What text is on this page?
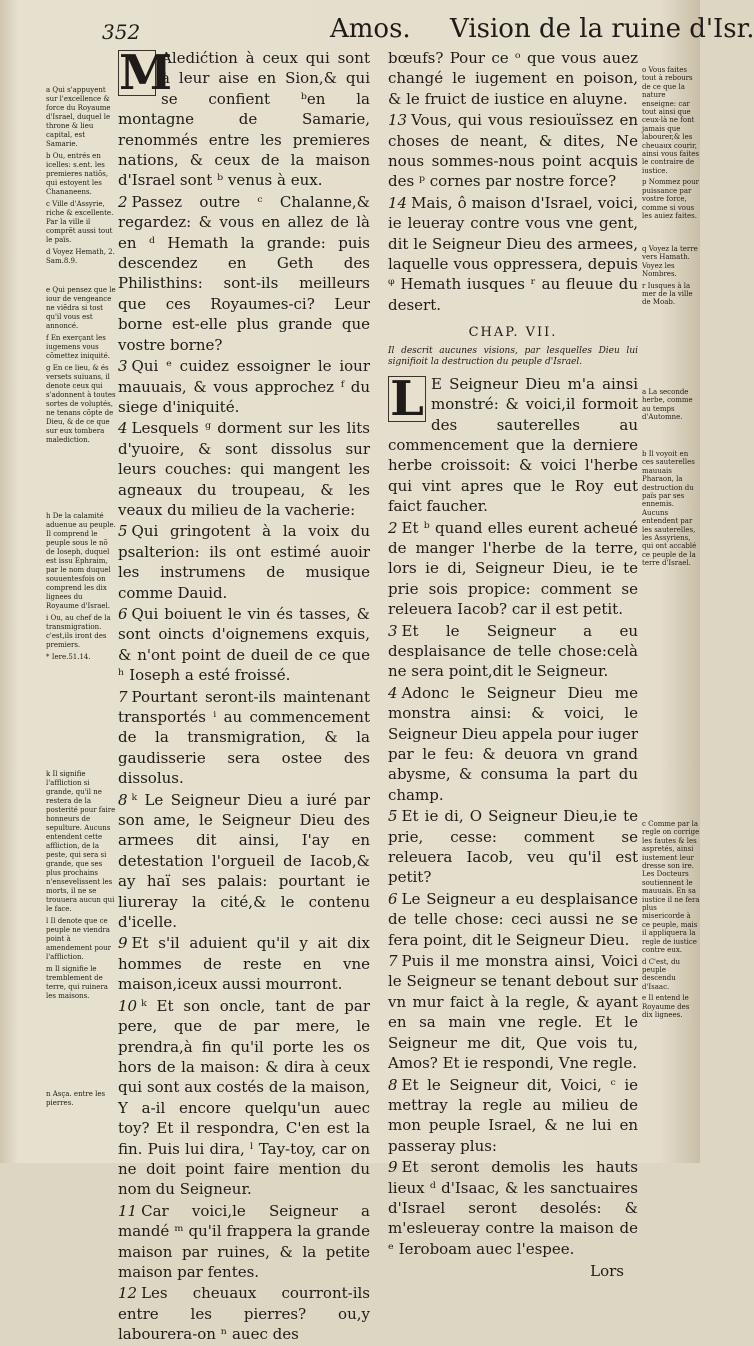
352	Amos. Vision de la ruine d'Isr.
a Qui s'appuyent sur l'excellence & force du Royaume d'Israel, duquel le throne & lieu capital, est Samarie.
b Ou, entrés en icelles: s.ent. les premieres natiõs, qui estoyent les Chananeens.
c Ville d'Assyrie, riche & excellente. Par la ville il comprẽt aussi tout le païs.
d Voyez Hemath, 2. Sam.8.9.
e Qui pensez que le iour de vengeance ne viẽdra si tost qu'il vous est annoncé.
f En exerçant les iugemens vous cõmettez iniquité.
g En ce lieu, & és versets suiuans, il denote ceux qui s'adonnent à toutes sortes de voluptés, ne tenans cõpte de Dieu, & de ce que sur eux tombera malediction.
h De la calamité aduenue au peuple. Il comprend le peuple sous le nõ de Ioseph, duquel est issu Ephraim, par le nom duquel souuentesfois on comprend les dix lignees du Royaume d'Israel.
i Ou, au chef de la transmigration. c'est,ils iront des premiers.
* Iere.51.14.
k Il signifie l'affliction si grande, qu'il ne restera de la posterité pour faire honneurs de sepulture. Aucuns entendent cette affliction, de la peste, qui sera si grande, que ses plus prochains n'ensevelissent les morts, il ne se trouuera aucun qui le face.
l Il denote que ce peuple ne viendra point à amendement pour l'affliction.
m Il signifie le tremblement de terre, qui ruinera les maisons.
n Asça. entre les pierres.

M
Aledićtion à ceux qui sont à leur aise en Sion,& qui se confient ᵇen la montagne de Samarie, renommés entre les premieres nations, & ceux de la maison d'Israel sont ᵇ venus à eux.

2 Passez outre ᶜ Chalanne,& regardez: & vous en allez de là en ᵈ Hemath la grande: puis descendez en Geth des Philisthins: sont-ils meilleurs que ces Royaumes-ci? Leur borne est-elle plus grande que vostre borne?

3 Qui ᵉ cuidez essoigner le iour mauuais, & vous approchez ᶠ du siege d'iniquité.

4 Lesquels ᵍ dorment sur les lits d'yuoire, & sont dissolus sur leurs couches: qui mangent les agneaux du troupeau, & les veaux du milieu de la vacherie:

5 Qui gringotent à la voix du psalterion: ils ont estimé auoir les instrumens de musique comme Dauid.

6 Qui boiuent le vin és tasses, & sont oincts d'oignemens exquis, & n'ont point de dueil de ce que ʰ Ioseph a esté froissé.

7 Pourtant seront-ils maintenant transportés ⁱ au commencement de la transmigration, & la gaudisserie sera ostee des dissolus.

8 ᵏ Le Seigneur Dieu a iuré par son ame, le Seigneur Dieu des armees dit ainsi, I'ay en detestation l'orgueil de Iacob,& ay haï ses palais: pourtant ie liureray la cité,& le contenu d'icelle.

9 Et s'il aduient qu'il y ait dix hommes de reste en vne maison,iceux aussi mourront.

10 ᵏ Et son oncle, tant de par pere, que de par mere, le prendra,à fin qu'il porte les os hors de la maison: & dira à ceux qui sont aux costés de la maison, Y a-il encore quelqu'un auec toy? Et il respondra, C'en est la fin. Puis lui dira, ˡ Tay-toy, car on ne doit point faire mention du nom du Seigneur.

11 Car voici,le Seigneur a mandé ᵐ qu'il frappera la grande maison par ruines, & la petite maison par fentes.

12 Les cheuaux courront-ils entre les pierres? ou,y labourera-on ⁿ auec des

bœufs? Pour ce ᵒ que vous auez changé le iugement en poison, & le fruict de iustice en aluyne.

13 Vous, qui vous resiouïssez en choses de neant, & dites, Ne nous sommes-nous point acquis des ᵖ cornes par nostre force?

14 Mais, ô maison d'Israel, voici, ie leueray contre vous vne gent, dit le Seigneur Dieu des armees, laquelle vous oppressera, depuis ᵠ Hemath iusques ʳ au fleuue du desert.

CHAP. VII.
Il descrit aucunes visions, par lesquelles Dieu lui signifioit la destruction du peuple d'Israel.

L E Seigneur Dieu m'a ainsi monstré: & voici,il formoit des sauterelles au commencement que la derniere herbe croissoit: & voici l'herbe qui vint apres que le Roy eut faict faucher.

2 Et ᵇ quand elles eurent acheué de manger l'herbe de la terre, lors ie di, Seigneur Dieu, ie te prie sois propice: comment se releuera Iacob? car il est petit.

3 Et le Seigneur a eu desplaisance de telle chose:celà ne sera point,dit le Seigneur.

4 Adonc le Seigneur Dieu me monstra ainsi: & voici, le Seigneur Dieu appela pour iuger par le feu: & deuora vn grand abysme, & consuma la part du champ.

5 Et ie di, O Seigneur Dieu,ie te prie, cesse: comment se releuera Iacob, veu qu'il est petit?

6 Le Seigneur a eu desplaisance de telle chose: ceci aussi ne se fera point, dit le Seigneur Dieu.

7 Puis il me monstra ainsi, Voici le Seigneur se tenant debout sur vn mur faict à la regle, & ayant en sa main vne regle. Et le Seigneur me dit, Que vois tu, Amos? Et ie respondi, Vne regle.

8 Et le Seigneur dit, Voici, ᶜ ie mettray la regle au milieu de mon peuple Israel, & ne lui en passeray plus:

9 Et seront demolis les hauts lieux ᵈ d'Isaac, & les sanctuaires d'Israel seront desolés: & m'esleueray contre la maison de ᵉ Ieroboam auec l'espee.

Lors
o Vous faites tout à rebours de ce que la nature enseigne: car tout ainsi que ceux-là ne font jamais que labourer,& les cheuaux courir, ainsi vous faites le contraire de iustice.
p Nommez pour puissance par vostre force, comme si vous les auiez faites.
q Voyez la terre vers Hamath. Voyez les Nombres.
r Iusques à la mer de la ville de Moab.
a La seconde herbe, comme au temps d'Automne.
b Il voyoit en ces sauterelles mauuais Pharaon, la destruction du païs par ses ennemis. Aucuns entendent par les sauterelles, les Assyriens, qui ont accablé ce peuple de la terre d'Israel.
c Comme par la regle on corrige les fautes & les aspretés, ainsi iustement leur dresse son ire. Les Docteurs soutiennent le mauuais. En sa iustice il ne fera plus misericorde à ce peuple, mais il appliquera la regle de iustice contre eux.
d C'est, du peuple descendu d'Isaac.
e Il entend le Royaume des dix lignees.
